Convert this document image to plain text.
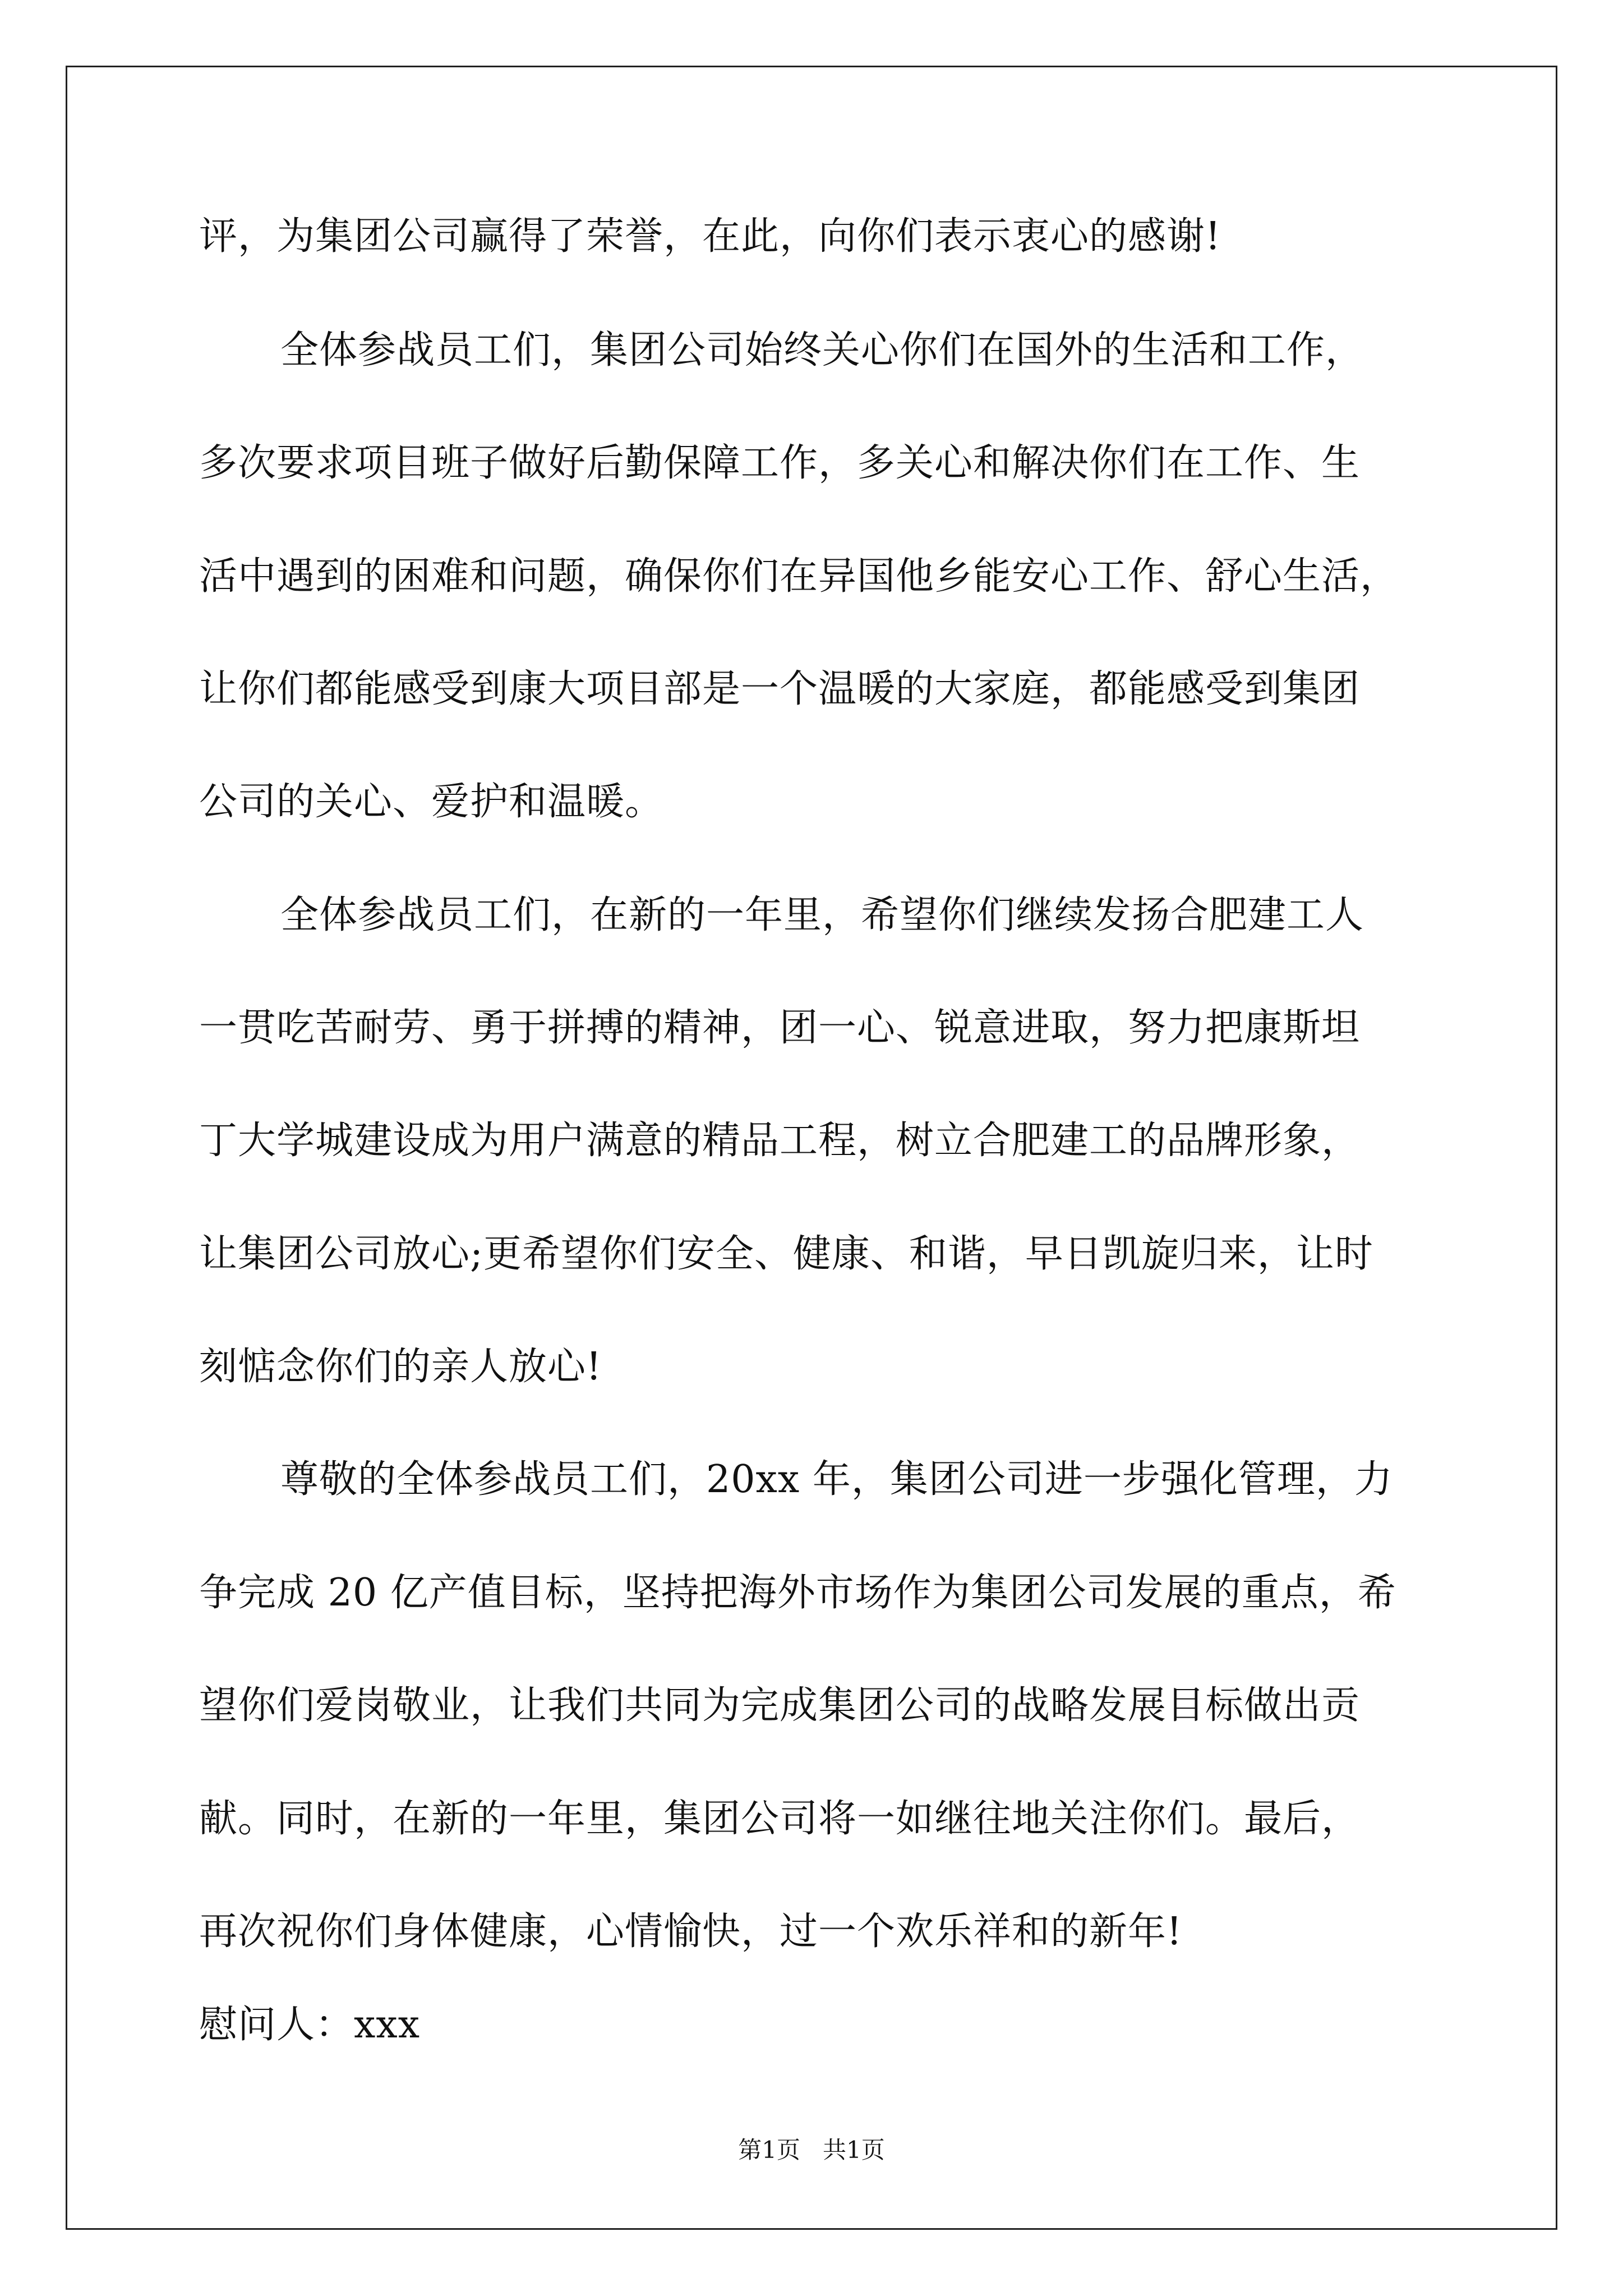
评，为集团公司赢得了荣誉，在此，向你们表示衷心的感谢!
全体参战员工们，集团公司始终关心你们在国外的生活和工作，
多次要求项目班子做好后勤保障工作，多关心和解决你们在工作、生
活中遇到的困难和问题，确保你们在异国他乡能安心工作、舒心生活，
让你们都能感受到康大项目部是一个温暖的大家庭，都能感受到集团
公司的关心、爱护和温暖。
全体参战员工们，在新的一年里，希望你们继续发扬合肥建工人
一贯吃苦耐劳、勇于拼搏的精神，团一心、锐意进取，努力把康斯坦
丁大学城建设成为用户满意的精品工程，树立合肥建工的品牌形象，
让集团公司放心;更希望你们安全、健康、和谐，早日凯旋归来，让时
刻惦念你们的亲人放心!
尊敬的全体参战员工们，20xx 年，集团公司进一步强化管理，力
争完成 20 亿产值目标，坚持把海外市场作为集团公司发展的重点，希
望你们爱岗敬业，让我们共同为完成集团公司的战略发展目标做出贡
献。同时，在新的一年里，集团公司将一如继往地关注你们。最后，
再次祝你们身体健康，心情愉快，过一个欢乐祥和的新年!
慰问人：xxx
第1页   共1页
